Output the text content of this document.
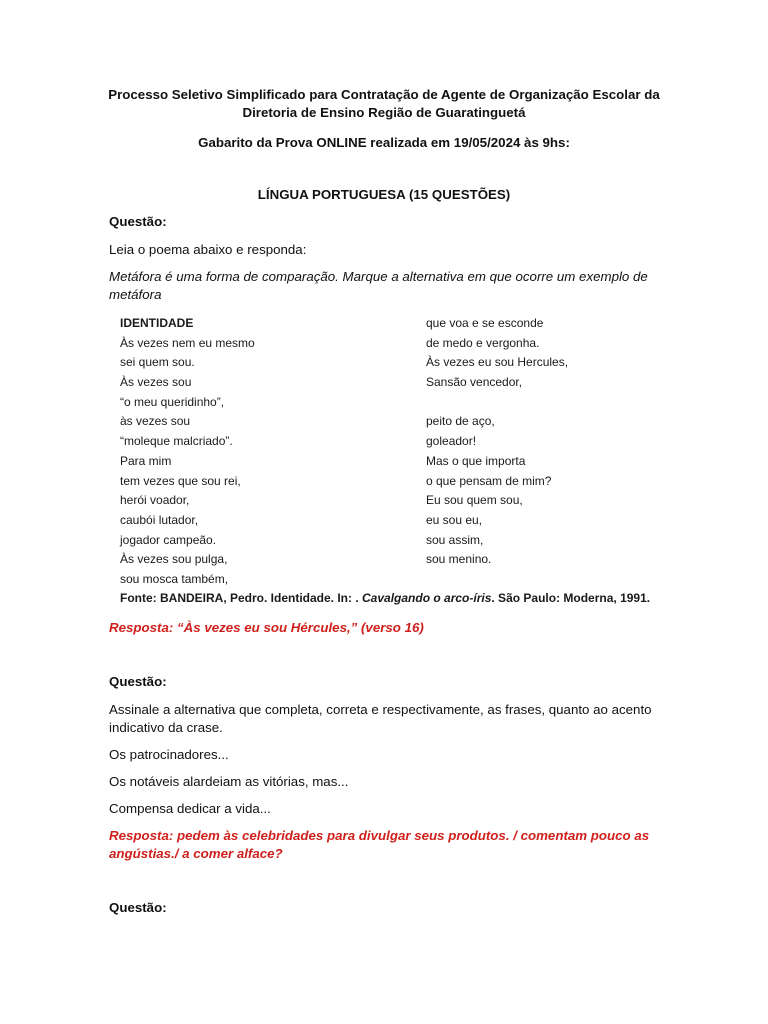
Processo Seletivo Simplificado para Contratação de Agente de Organização Escolar da

Diretoria de Ensino Região de Guaratinguetá

Gabarito da Prova ONLINE realizada em 19/05/2024 às 9hs:

LÍNGUA PORTUGUESA (15 QUESTÕES)

Questão:

Leia o poema abaixo e responda:

Metáfora é uma forma de comparação. Marque a alternativa em que ocorre um exemplo de

metáfora

IDENTIDADE
Às vezes nem eu mesmo
sei quem sou.
Às vezes sou
“o meu queridinho”,
às vezes sou
“moleque malcriado”.
Para mim
tem vezes que sou rei,
herói voador,
caubói lutador,
jogador campeão.
Às vezes sou pulga,
sou mosca também,
que voa e se esconde
de medo e vergonha.
Às vezes eu sou Hercules,
Sansão vencedor,
peito de aço,
goleador!
Mas o que importa
o que pensam de mim?
Eu sou quem sou,
eu sou eu,
sou assim,
sou menino.
Fonte: BANDEIRA, Pedro. Identidade. In: . Cavalgando o arco-íris. São Paulo: Moderna, 1991.

Resposta: “Às vezes eu sou Hércules,” (verso 16)

Questão:

Assinale a alternativa que completa, correta e respectivamente, as frases, quanto ao acento

indicativo da crase.

Os patrocinadores...

Os notáveis alardeiam as vitórias, mas...

Compensa dedicar a vida...

Resposta: pedem às celebridades para divulgar seus produtos. / comentam pouco as

angústias./ a comer alface?

Questão:
